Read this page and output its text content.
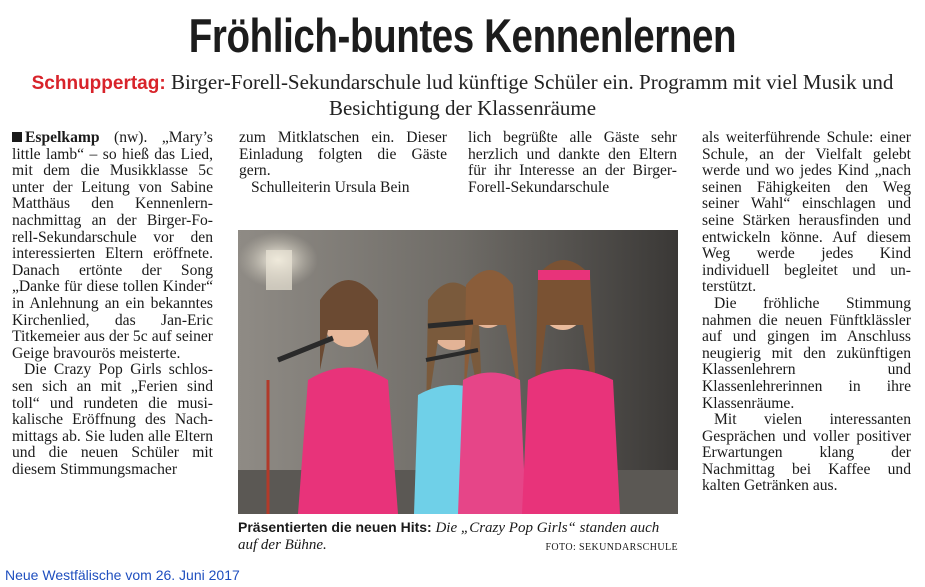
Fröhlich-buntes Kennenlernen
Schnuppertag: Birger-Forell-Sekundarschule lud künftige Schüler ein. Programm mit viel Musik und Besichtigung der Klassenräume

Espelkamp (nw). „Mary’s little lamb“ – so hieß das Lied, mit dem die Musikklasse 5c unter der Leitung von Sabine Matthäus den Kennenlernnachmittag an der Birger-Forell-Sekundarschule vor den interessierten Eltern eröffnete. Danach ertönte der Song „Danke für diese tollen Kinder“ in Anlehnung an ein bekanntes Kirchenlied, das Jan-Eric Titkemeier aus der 5c auf seiner Geige bravourös meisterte.

Die Crazy Pop Girls schlossen sich an mit „Ferien sind toll“ und rundeten die musikalische Eröffnung des Nachmittags ab. Sie luden alle Eltern und die neuen Schüler mit diesem Stimmungsmacher

zum Mitklatschen ein. Dieser Einladung folgten die Gäste gern.

Schulleiterin Ursula Bein

lich begrüßte alle Gäste sehr herzlich und dankte den Eltern für ihr Interesse an der Birger-Forell-Sekundarschule

als weiterführende Schule: einer Schule, an der Vielfalt gelebt werde und wo jedes Kind „nach seinen Fähigkeiten den Weg seiner Wahl“ einschlagen und seine Stärken herausfinden und entwickeln könne. Auf diesem Weg werde jedes Kind individuell begleitet und unterstützt.

Die fröhliche Stimmung nahmen die neuen Fünftklässler auf und gingen im Anschluss neugierig mit den zukünftigen Klassenlehrern und Klassenlehrerinnen in ihre Klassenräume.

Mit vielen interessanten Gesprächen und voller positiver Erwartungen klang der Nachmittag bei Kaffee und kalten Getränken aus.

Präsentierten die neuen Hits: Die „Crazy Pop Girls“ standen auch auf der Bühne.	FOTO: SEKUNDARSCHULE
Neue Westfälische vom 26. Juni 2017
